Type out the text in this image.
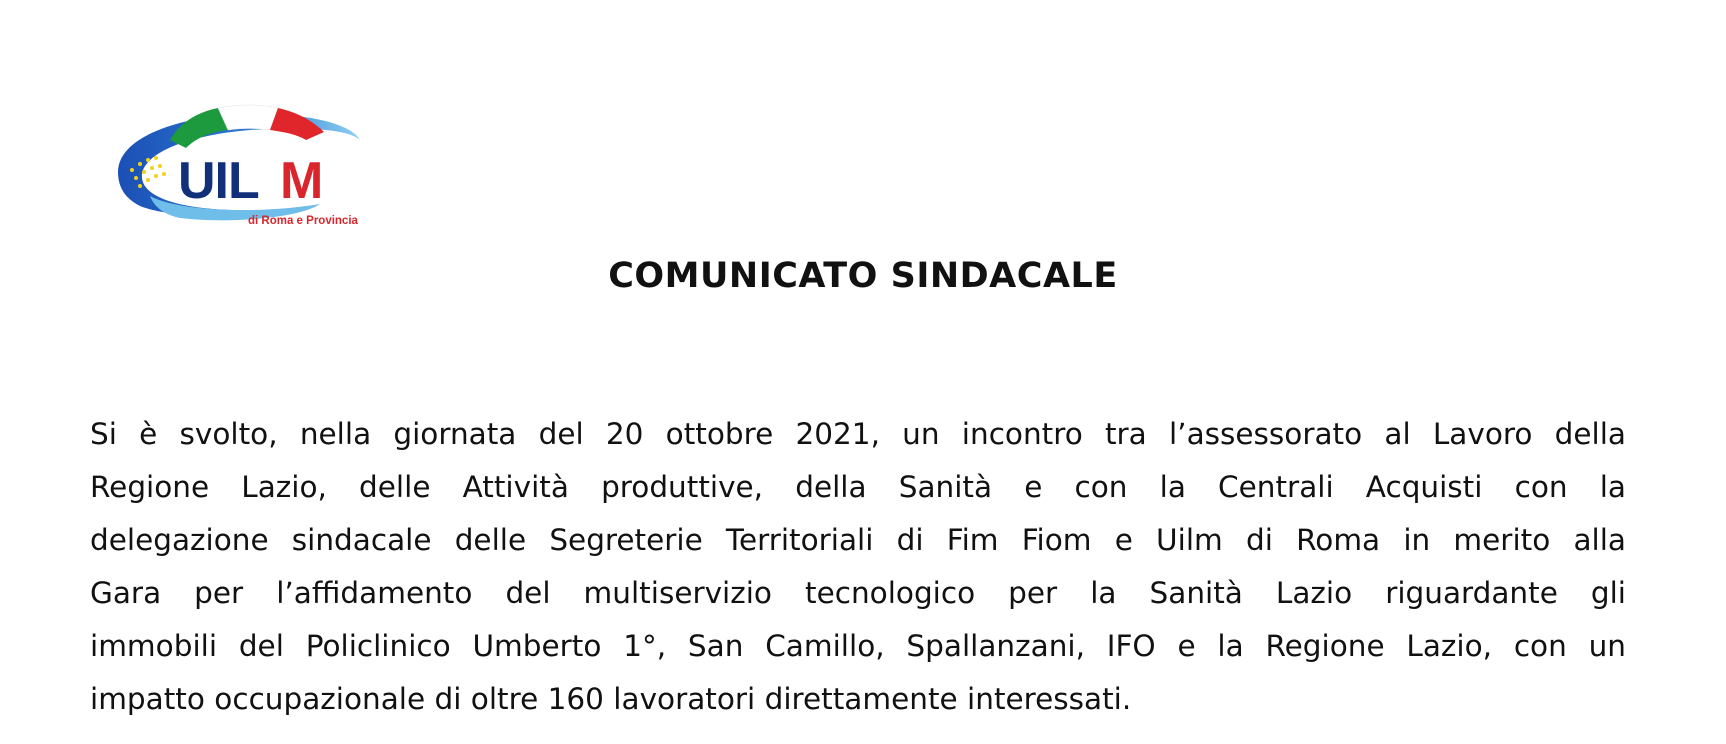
UIL M
di Roma e Provincia
COMUNICATO SINDACALE
Si è svolto, nella giornata del 20 ottobre 2021, un incontro tra l’assessorato al Lavoro della
Regione Lazio, delle Attività produttive, della Sanità e con la Centrali Acquisti con la
delegazione sindacale delle Segreterie Territoriali di Fim Fiom e Uilm di Roma in merito alla
Gara per l’affidamento del multiservizio tecnologico per la Sanità Lazio riguardante gli
immobili del Policlinico Umberto 1°, San Camillo, Spallanzani, IFO e la Regione Lazio, con un
impatto occupazionale di oltre 160 lavoratori direttamente interessati.
